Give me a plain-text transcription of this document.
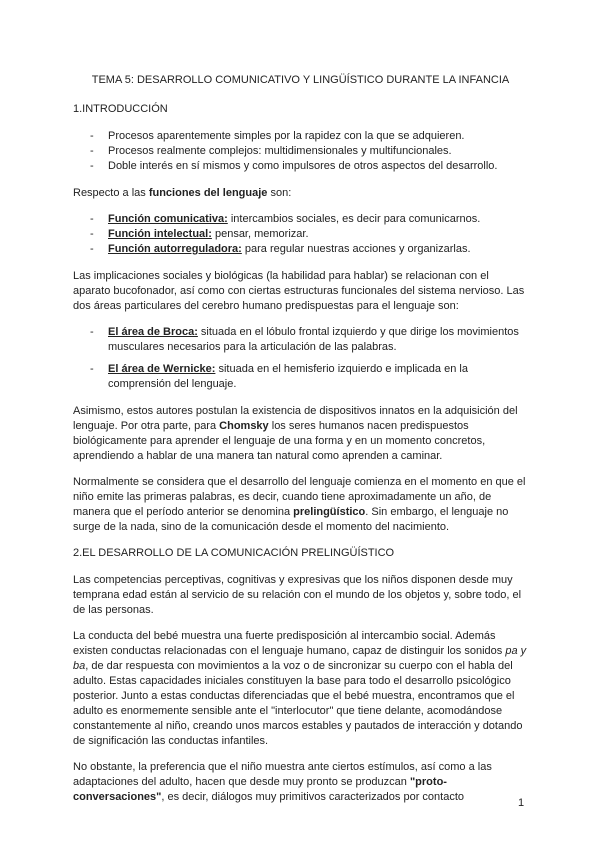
TEMA 5: DESARROLLO COMUNICATIVO Y LINGÜÍSTICO DURANTE LA INFANCIA
1.INTRODUCCIÓN
- Procesos aparentemente simples por la rapidez con la que se adquieren.
- Procesos realmente complejos: multidimensionales y multifuncionales.
- Doble interés en sí mismos y como impulsores de otros aspectos del desarrollo.

Respecto a las funciones del lenguaje son:

- Función comunicativa: intercambios sociales, es decir para comunicarnos.
- Función intelectual: pensar, memorizar.
- Función autorreguladora: para regular nuestras acciones y organizarlas.

Las implicaciones sociales y biológicas (la habilidad para hablar) se relacionan con el aparato bucofonador, así como con ciertas estructuras funcionales del sistema nervioso. Las dos áreas particulares del cerebro humano predispuestas para el lenguaje son:

- El área de Broca: situada en el lóbulo frontal izquierdo y que dirige los movimientos musculares necesarios para la articulación de las palabras.
- El área de Wernicke: situada en el hemisferio izquierdo e implicada en la comprensión del lenguaje.

Asimismo, estos autores postulan la existencia de dispositivos innatos en la adquisición del lenguaje. Por otra parte, para Chomsky los seres humanos nacen predispuestos biológicamente para aprender el lenguaje de una forma y en un momento concretos, aprendiendo a hablar de una manera tan natural como aprenden a caminar.

Normalmente se considera que el desarrollo del lenguaje comienza en el momento en que el niño emite las primeras palabras, es decir, cuando tiene aproximadamente un año, de manera que el período anterior se denomina prelingüístico. Sin embargo, el lenguaje no surge de la nada, sino de la comunicación desde el momento del nacimiento.

2.EL DESARROLLO DE LA COMUNICACIÓN PRELINGÜÍSTICO

Las competencias perceptivas, cognitivas y expresivas que los niños disponen desde muy temprana edad están al servicio de su relación con el mundo de los objetos y, sobre todo, el de las personas.

La conducta del bebé muestra una fuerte predisposición al intercambio social. Además existen conductas relacionadas con el lenguaje humano, capaz de distinguir los sonidos pa y ba, de dar respuesta con movimientos a la voz o de sincronizar su cuerpo con el habla del adulto. Estas capacidades iniciales constituyen la base para todo el desarrollo psicológico posterior. Junto a estas conductas diferenciadas que el bebé muestra, encontramos que el adulto es enormemente sensible ante el "interlocutor" que tiene delante, acomodándose constantemente al niño, creando unos marcos estables y pautados de interacción y dotando de significación las conductas infantiles.

No obstante, la preferencia que el niño muestra ante ciertos estímulos, así como a las adaptaciones del adulto, hacen que desde muy pronto se produzcan "proto-conversaciones", es decir, diálogos muy primitivos caracterizados por contacto	1
